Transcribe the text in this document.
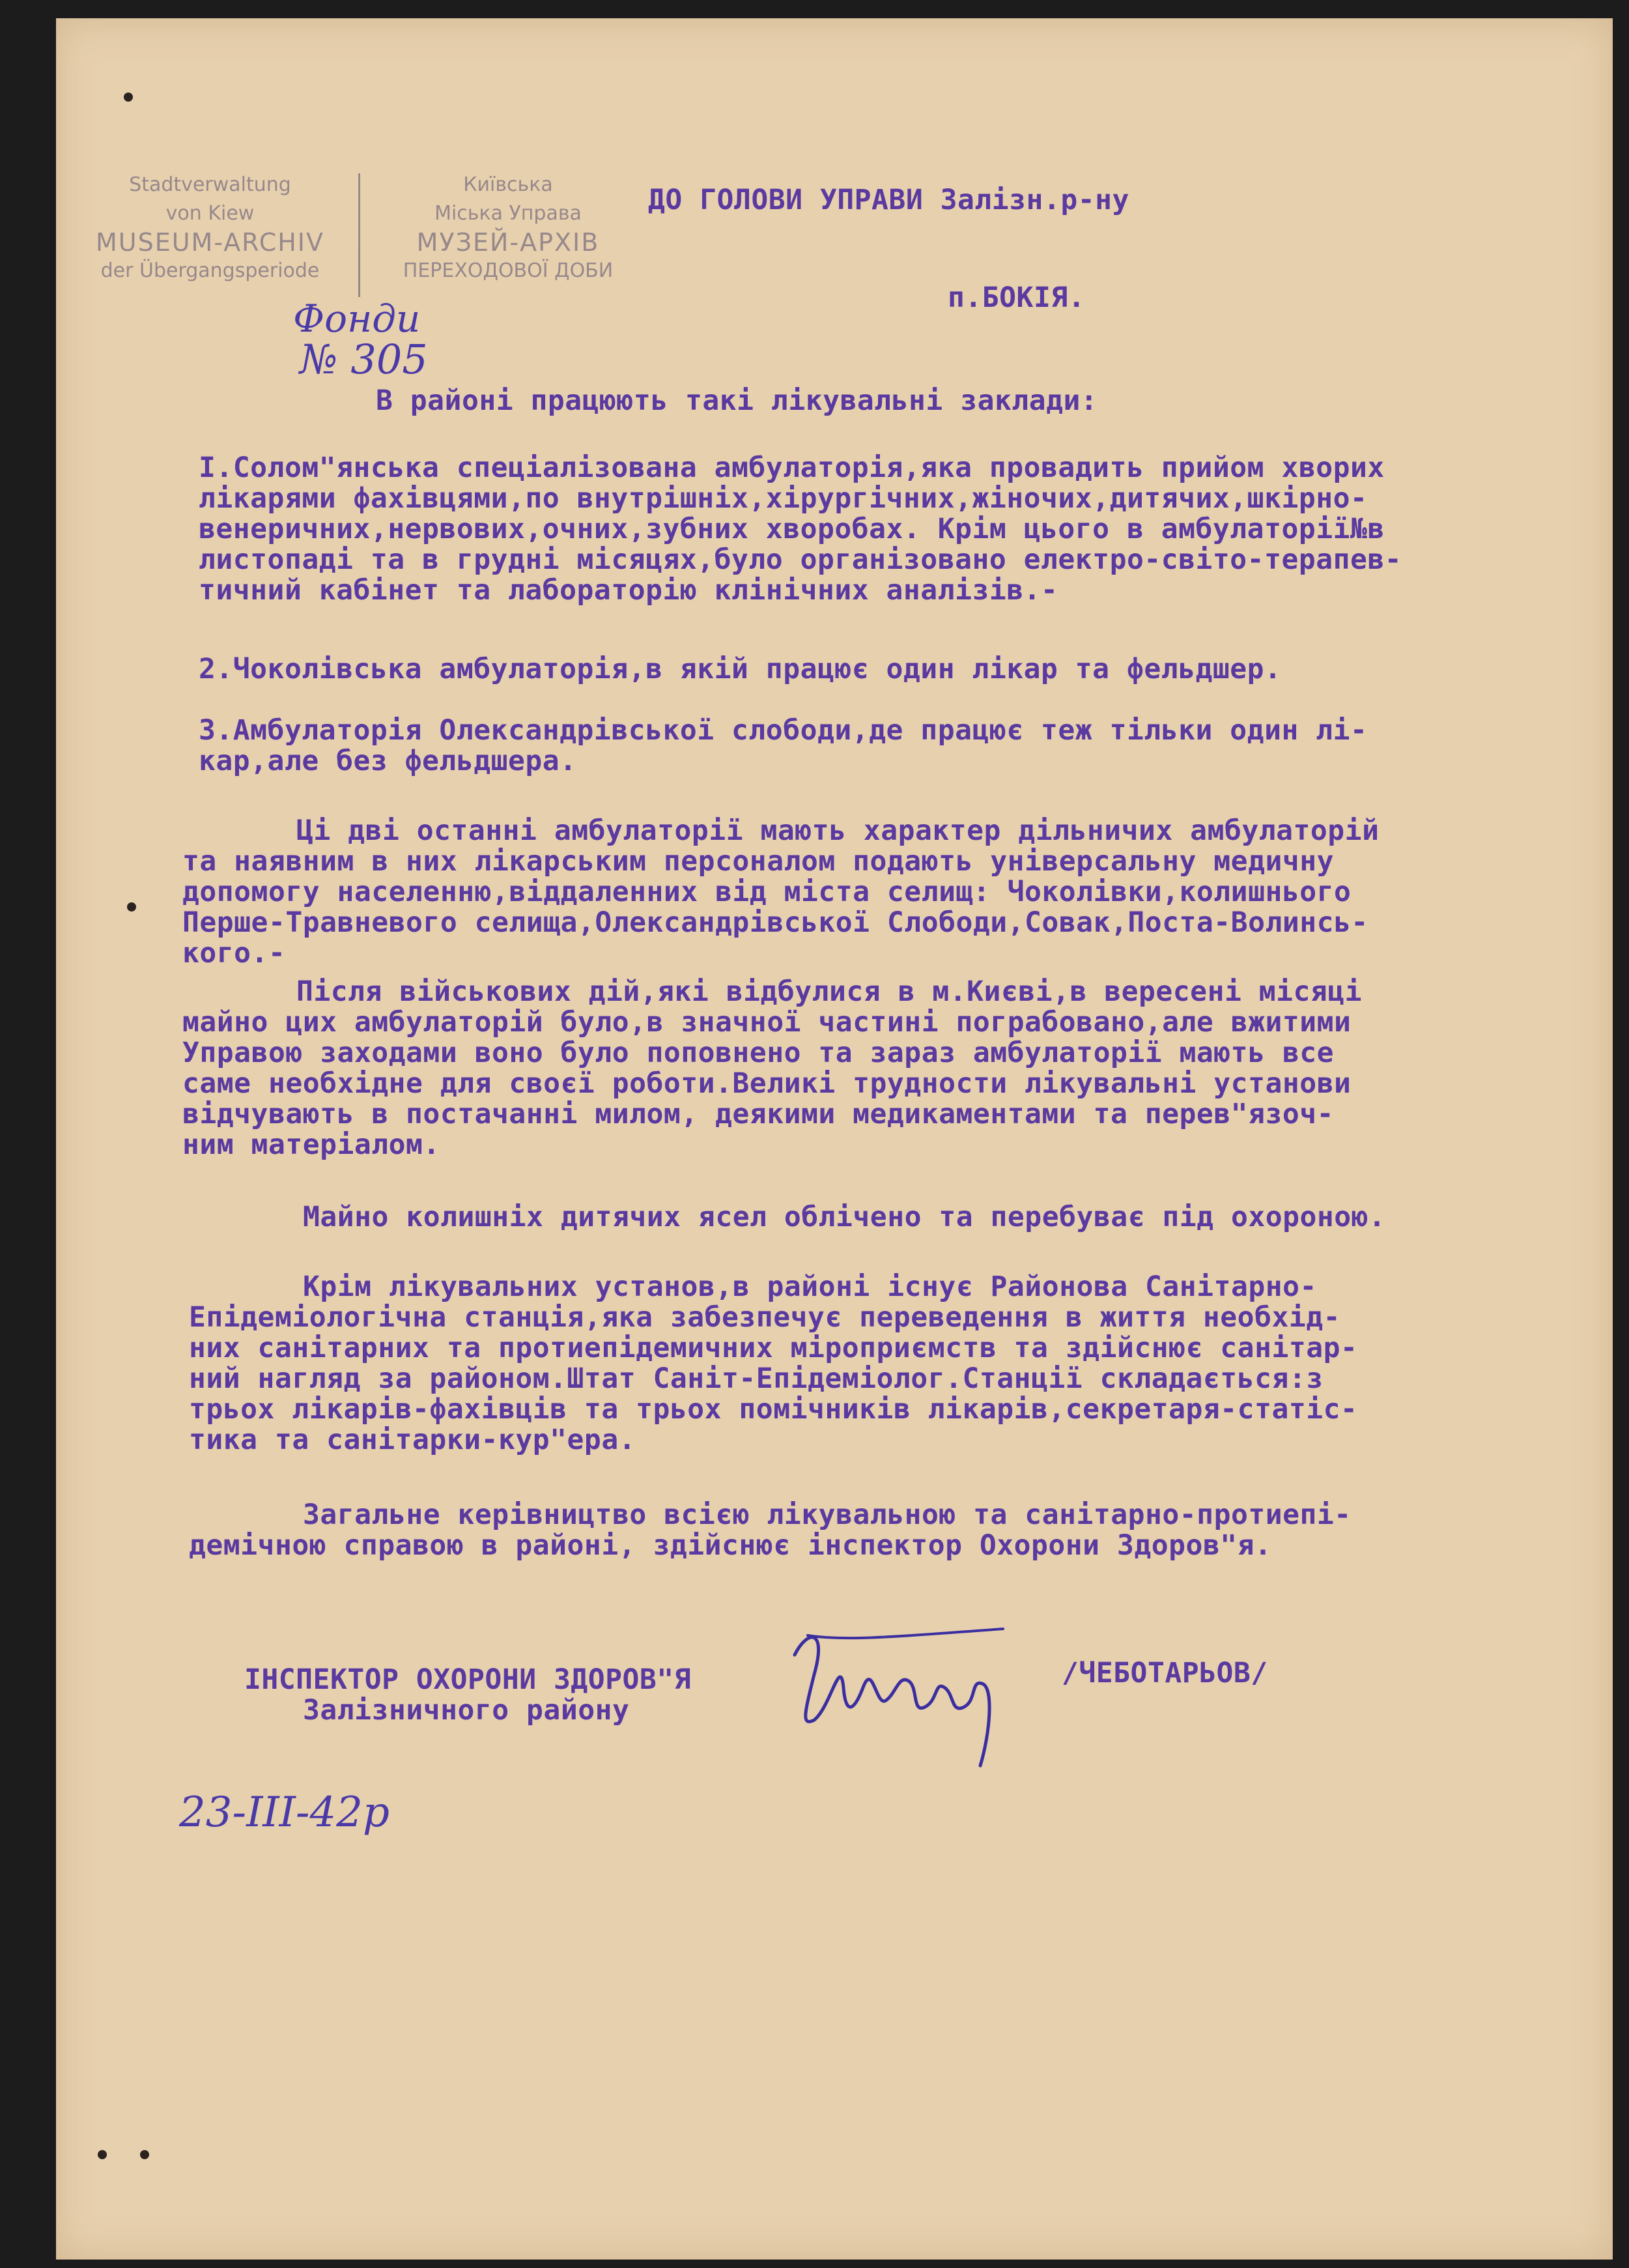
Stadtverwaltung
von Kiew
MUSEUM-ARCHIV
der Übergangsperiode
Київська
Міська Управа
МУЗЕЙ-АРХІВ
ПЕРЕХОДОВОЇ ДОБИ
Фонди
№ 305
ДО ГОЛОВИ УПРАВИ Залізн.р-ну
п.БОКІЯ.
В районі працюють такі лікувальні заклади:
І.Солом"янська спеціалізована амбулаторія,яка провадить прийом хворих
лікарями фахівцями,по внутрішніх,хірургічних,жіночих,дитячих,шкірно-
венеричних,нервових,очних,зубних хворобах. Крім цього в амбулаторії№в
листопаді та в грудні місяцях,було організовано електро-світо-терапев-
тичний кабінет та лабораторію клінічних аналізів.-
2.Чоколівська амбулаторія,в якій працює один лікар та фельдшер.
3.Амбулаторія Олександрівської слободи,де працює теж тільки один лі-
кар,але без фельдшера.
Ці дві останні амбулаторії мають характер дільничих амбулаторій
та наявним в них лікарським персоналом подають універсальну медичну
допомогу населенню,віддаленних від міста селищ: Чоколівки,колишнього
Перше-Травневого селища,Олександрівської Слободи,Совак,Поста-Волинсь-
кого.-
Після військових дій,які відбулися в м.Києві,в вересені місяці
майно цих амбулаторій було,в значної частині пограбовано,але вжитими
Управою заходами воно було поповнено та зараз амбулаторії мають все
саме необхідне для своєї роботи.Великі трудности лікувальні установи
відчувають в постачанні милом, деякими медикаментами та перев"язоч-
ним матеріалом.
Майно колишніх дитячих ясел облічено та перебуває під охороною.
Крім лікувальних установ,в районі існує Районова Санітарно-
Епідеміологічна станція,яка забезпечує переведення в життя необхід-
них санітарних та протиепідемичних міроприємств та здійснює санітар-
ний нагляд за районом.Штат Саніт-Епідеміолог.Станції складається:з
трьох лікарів-фахівців та трьох помічників лікарів,секретаря-статіс-
тика та санітарки-кур"ера.
Загальне керівництво всією лікувальною та санітарно-протиепі-
демічною справою в районі, здійснює інспектор Охорони Здоров"я.
ІНСПЕКТОР ОХОРОНИ ЗДОРОВ"Я
Залізничного району
/ЧЕБОТАРЬОВ/
23-III-42р
